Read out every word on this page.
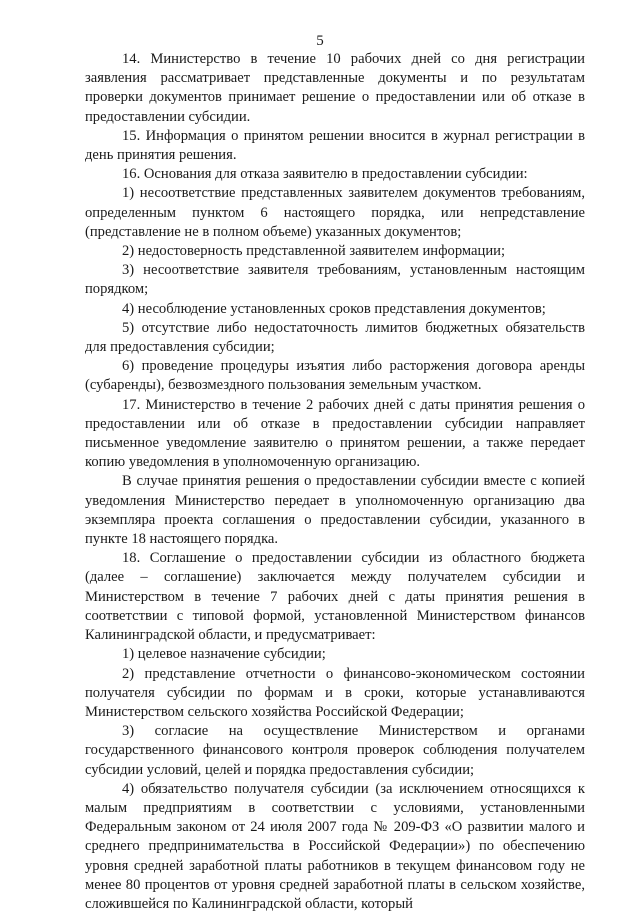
5

14. Министерство в течение 10 рабочих дней со дня регистрации заявления рассматривает представленные документы и по результатам проверки документов принимает решение о предоставлении или об отказе в предоставлении субсидии.

15. Информация о принятом решении вносится в журнал регистрации в день принятия решения.

16. Основания для отказа заявителю в предоставлении субсидии:

1) несоответствие представленных заявителем документов требованиям, определенным пунктом 6 настоящего порядка, или непредставление (представление не в полном объеме) указанных документов;

2) недостоверность представленной заявителем информации;

3) несоответствие заявителя требованиям, установленным настоящим порядком;

4) несоблюдение установленных сроков представления документов;

5) отсутствие либо недостаточность лимитов бюджетных обязательств для предоставления субсидии;

6) проведение процедуры изъятия либо расторжения договора аренды (субаренды), безвозмездного пользования земельным участком.

17. Министерство в течение 2 рабочих дней с даты принятия решения о предоставлении или об отказе в предоставлении субсидии направляет письменное уведомление заявителю о принятом решении, а также передает копию уведомления в уполномоченную организацию.

В случае принятия решения о предоставлении субсидии вместе с копией уведомления Министерство передает в уполномоченную организацию два экземпляра проекта соглашения о предоставлении субсидии, указанного в пункте 18 настоящего порядка.

18. Соглашение о предоставлении субсидии из областного бюджета (далее – соглашение) заключается между получателем субсидии и Министерством в течение 7 рабочих дней с даты принятия решения в соответствии с типовой формой, установленной Министерством финансов Калининградской области, и предусматривает:

1) целевое назначение субсидии;

2) представление отчетности о финансово-экономическом состоянии получателя субсидии по формам и в сроки, которые устанавливаются Министерством сельского хозяйства Российской Федерации;

3) согласие на осуществление Министерством и органами государственного финансового контроля проверок соблюдения получателем субсидии условий, целей и порядка предоставления субсидии;

4) обязательство получателя субсидии (за исключением относящихся к малым предприятиям в соответствии с условиями, установленными Федеральным законом от 24 июля 2007 года № 209-ФЗ «О развитии малого и среднего предпринимательства в Российской Федерации») по обеспечению уровня средней заработной платы работников в текущем финансовом году не менее 80 процентов от уровня средней заработной платы в сельском хозяйстве, сложившейся по Калининградской области, который
